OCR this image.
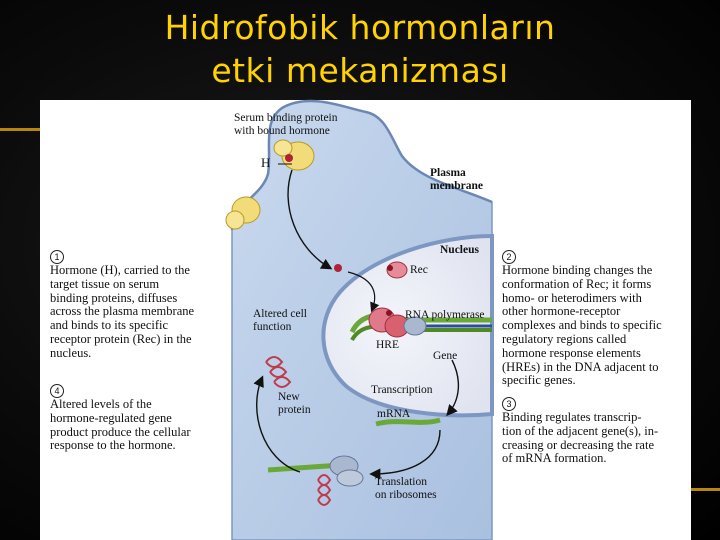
Hidrofobik hormonların
etki mekanizması
Serum binding protein
with bound hormone
H
Plasma
membrane
Nucleus
Rec
RNA polymerase
HRE
Gene
Altered cell
function
New
protein
Transcription
mRNA
Translation
on ribosomes
1
Hormone (H), carried to the
target tissue on serum
binding proteins, diffuses
across the plasma membrane
and binds to its specific
receptor protein (Rec) in the
nucleus.
2
Hormone binding changes the
conformation of Rec; it forms
homo- or heterodimers with
other hormone-receptor
complexes and binds to specific
regulatory regions called
hormone response elements
(HREs) in the DNA adjacent to
specific genes.
3
Binding regulates transcrip-
tion of the adjacent gene(s), in-
creasing or decreasing the rate
of mRNA formation.
4
Altered levels of the
hormone-regulated gene
product produce the cellular
response to the hormone.
